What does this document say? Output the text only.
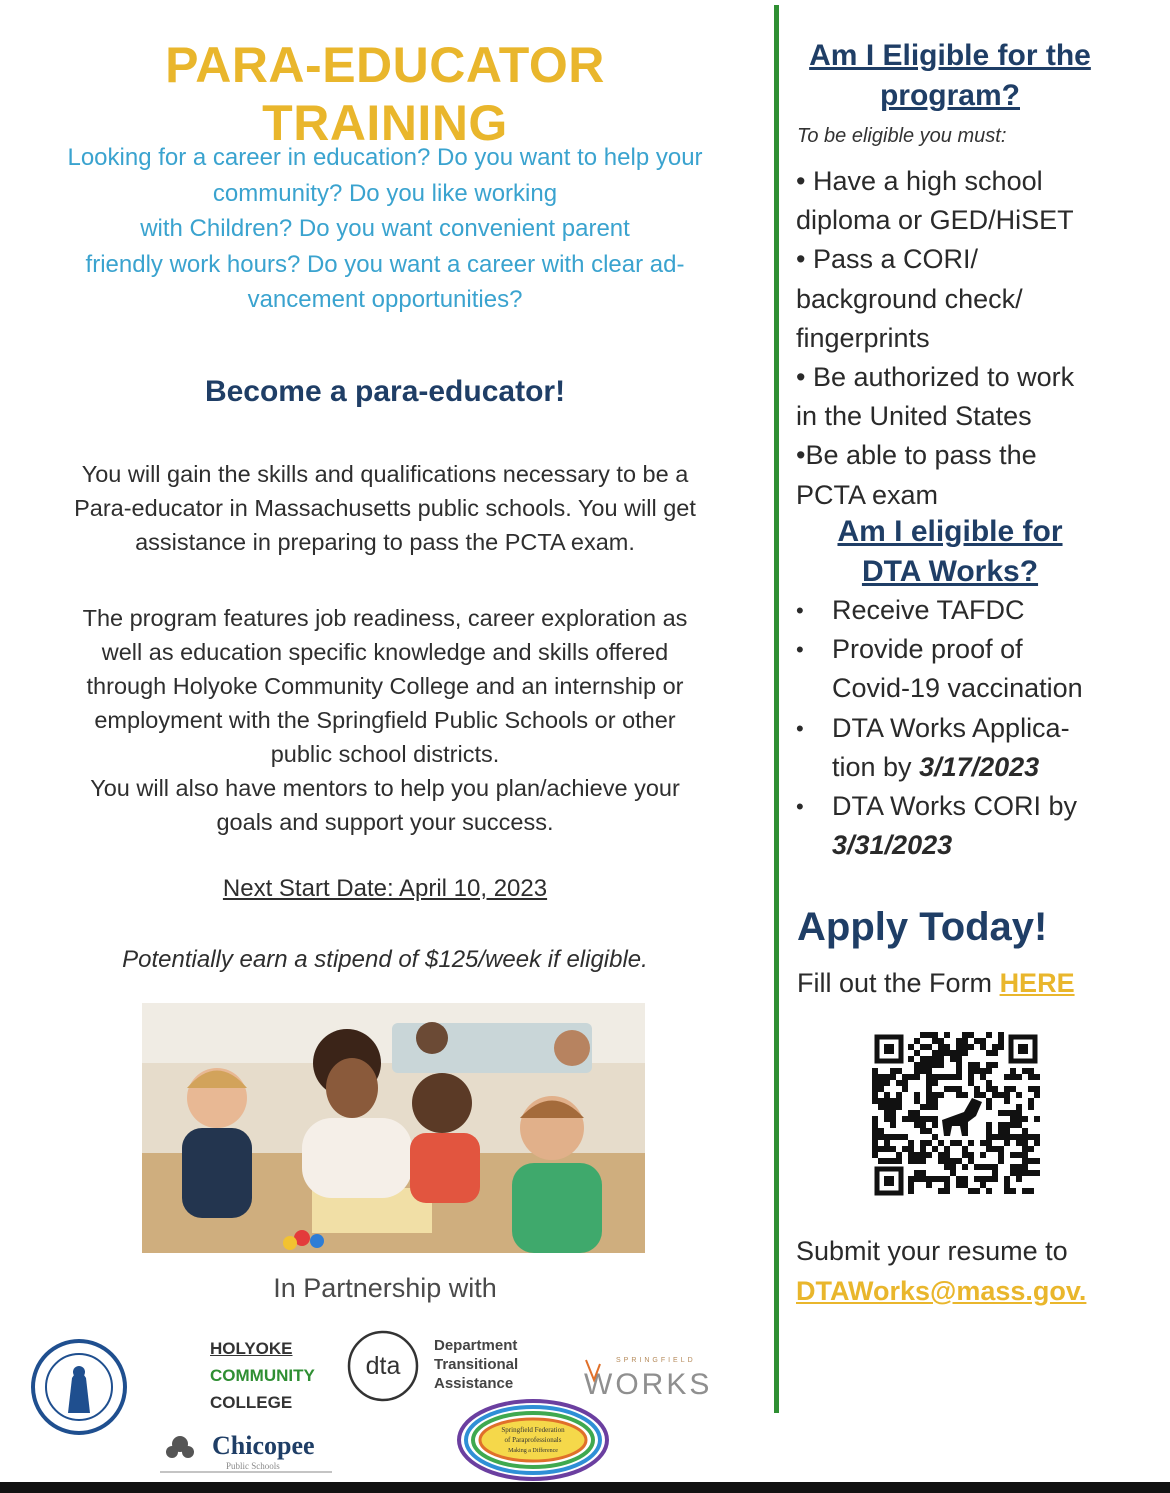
PARA-EDUCATOR TRAINING
Looking for a career in education? Do you want to help your
community? Do you like working
with Children? Do you want convenient parent
friendly work hours? Do you want a career with clear ad-
vancement opportunities?
Become a para-educator!
You will gain the skills and qualifications necessary to be a
Para-educator in Massachusetts public schools. You will get
assistance in preparing to pass the PCTA exam.
The program features job readiness, career exploration as
well as education specific knowledge and skills offered
through Holyoke Community College and an internship or
employment with the Springfield Public Schools or other
public school districts.
You will also have mentors to help you plan/achieve your
goals and support your success.
Next Start Date: April 10, 2023
Potentially earn a stipend of $125/week if eligible.
In Partnership with
HOLYOKE
COMMUNITY
COLLEGE
dta
Department
Transitional
Assistance
SPRINGFIELD
WORKS
Chicopee
Public Schools
Springfield Federation
of Paraprofessionals
Making a Difference
Am I Eligible for the
program?
To be eligible you must:
• Have a high school
diploma or GED/HiSET
• Pass a CORI/
background check/
fingerprints
• Be authorized to work
in the United States
•Be able to pass the
PCTA exam
Am I eligible for
DTA Works?
• Receive TAFDC
• Provide proof of
Covid-19 vaccination
• DTA Works Applica-
tion by 3/17/2023
• DTA Works CORI by
3/31/2023
Apply Today!
Fill out the Form HERE
Submit your resume to
DTAWorks@mass.gov.
